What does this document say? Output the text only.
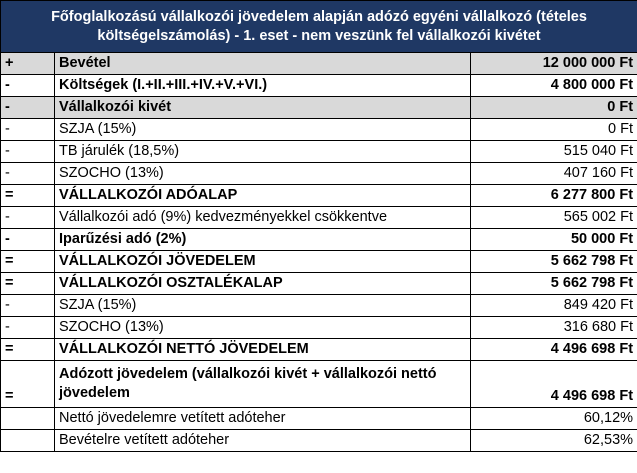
Főfoglalkozású vállalkozói jövedelem alapján adózó egyéni vállalkozó (tételes költségelszámolás) - 1. eset - nem veszünk fel vállalkozói kivétet		
+	Bevétel	12 000 000 Ft
-	Költségek (I.+II.+III.+IV.+V.+VI.)	4 800 000 Ft
-	Vállalkozói kivét	0 Ft
-	SZJA (15%)	0 Ft
-	TB járulék (18,5%)	515 040 Ft
-	SZOCHO (13%)	407 160 Ft
=	VÁLLALKOZÓI ADÓALAP	6 277 800 Ft
-	Vállalkozói adó (9%) kedvezményekkel csökkentve	565 002 Ft
-	Iparűzési adó (2%)	50 000 Ft
=	VÁLLALKOZÓI JÖVEDELEM	5 662 798 Ft
=	VÁLLALKOZÓI OSZTALÉKALAP	5 662 798 Ft
-	SZJA (15%)	849 420 Ft
-	SZOCHO (13%)	316 680 Ft
=	VÁLLALKOZÓI NETTÓ JÖVEDELEM	4 496 698 Ft
=	Adózott jövedelem (vállalkozói kivét + vállalkozói nettó jövedelem	4 496 698 Ft
	Nettó jövedelemre vetített adóteher	60,12%
	Bevételre vetített adóteher	62,53%
